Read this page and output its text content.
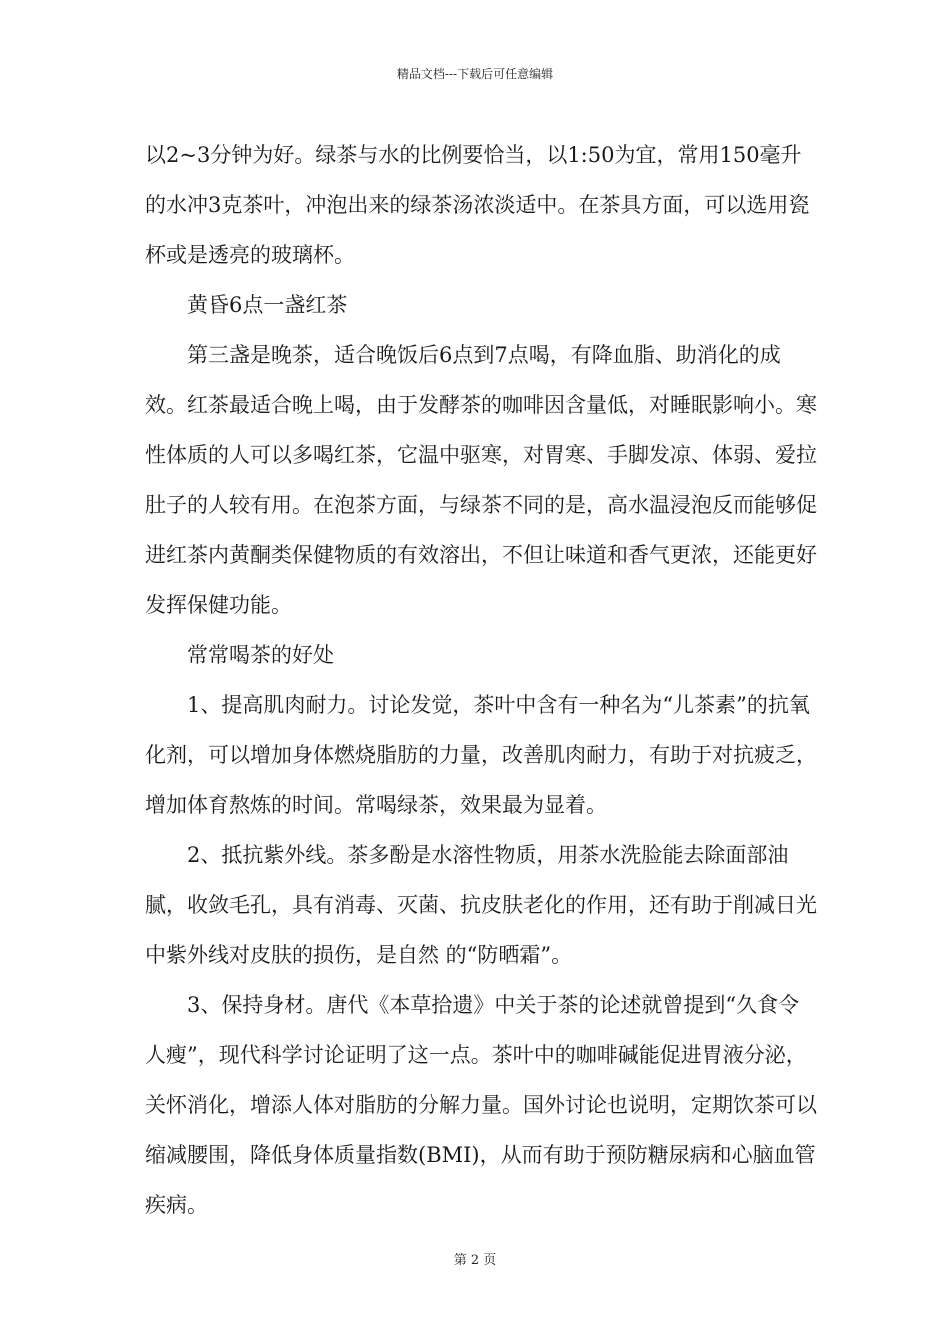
精品文档---下载后可任意编辑

以2~3分钟为好。绿茶与水的比例要恰当，以1:50为宜，常用150毫升的水冲3克茶叶，冲泡出来的绿茶汤浓淡适中。在茶具方面，可以选用瓷杯或是透亮的玻璃杯。

黄昏6点一盏红茶

第三盏是晚茶，适合晚饭后6点到7点喝，有降血脂、助消化的成效。红茶最适合晚上喝，由于发酵茶的咖啡因含量低，对睡眠影响小。寒性体质的人可以多喝红茶，它温中驱寒，对胃寒、手脚发凉、体弱、爱拉肚子的人较有用。在泡茶方面，与绿茶不同的是，高水温浸泡反而能够促进红茶内黄酮类保健物质的有效溶出，不但让味道和香气更浓，还能更好发挥保健功能。

常常喝茶的好处

1、提高肌肉耐力。讨论发觉，茶叶中含有一种名为“儿茶素”的抗氧化剂，可以增加身体燃烧脂肪的力量，改善肌肉耐力，有助于对抗疲乏，增加体育熬炼的时间。常喝绿茶，效果最为显着。

2、抵抗紫外线。茶多酚是水溶性物质，用茶水洗脸能去除面部油腻，收敛毛孔，具有消毒、灭菌、抗皮肤老化的作用，还有助于削减日光中紫外线对皮肤的损伤，是自然 的“防晒霜”。

3、保持身材。唐代《本草拾遗》中关于茶的论述就曾提到“久食令人瘦”，现代科学讨论证明了这一点。茶叶中的咖啡碱能促进胃液分泌，关怀消化，增添人体对脂肪的分解力量。国外讨论也说明，定期饮茶可以缩减腰围，降低身体质量指数(BMI)，从而有助于预防糖尿病和心脑血管疾病。

第 2 页
